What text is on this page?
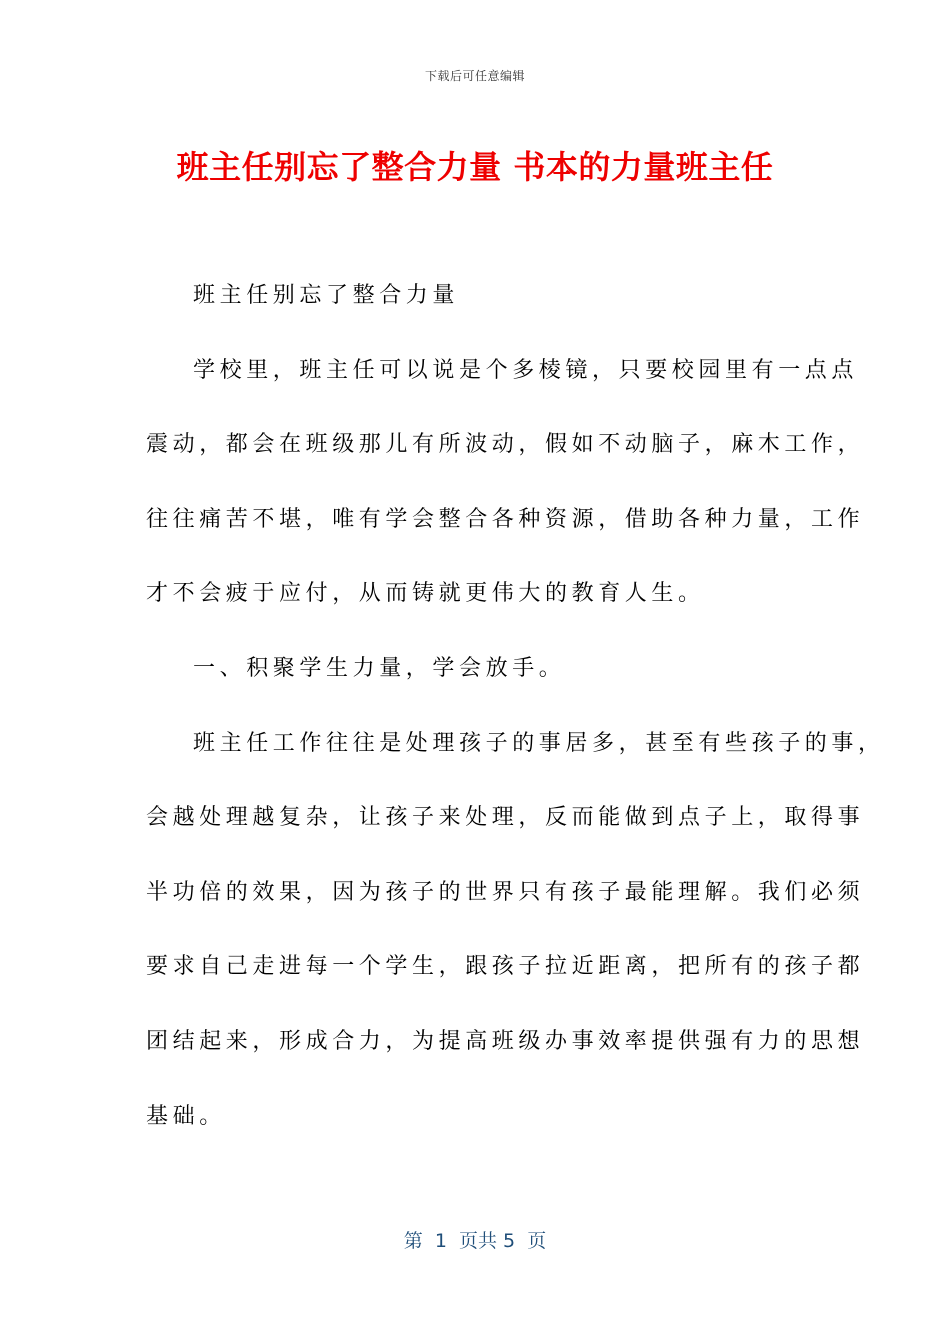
下载后可任意编辑
班主任别忘了整合力量 书本的力量班主任
班主任别忘了整合力量
学校里，班主任可以说是个多棱镜，只要校园里有一点点
震动，都会在班级那儿有所波动，假如不动脑子，麻木工作，
往往痛苦不堪，唯有学会整合各种资源，借助各种力量，工作
才不会疲于应付，从而铸就更伟大的教育人生。
一、积聚学生力量，学会放手。
班主任工作往往是处理孩子的事居多，甚至有些孩子的事，
会越处理越复杂，让孩子来处理，反而能做到点子上，取得事
半功倍的效果，因为孩子的世界只有孩子最能理解。我们必须
要求自己走进每一个学生，跟孩子拉近距离，把所有的孩子都
团结起来，形成合力，为提高班级办事效率提供强有力的思想
基础。
第  1  页共 5  页
